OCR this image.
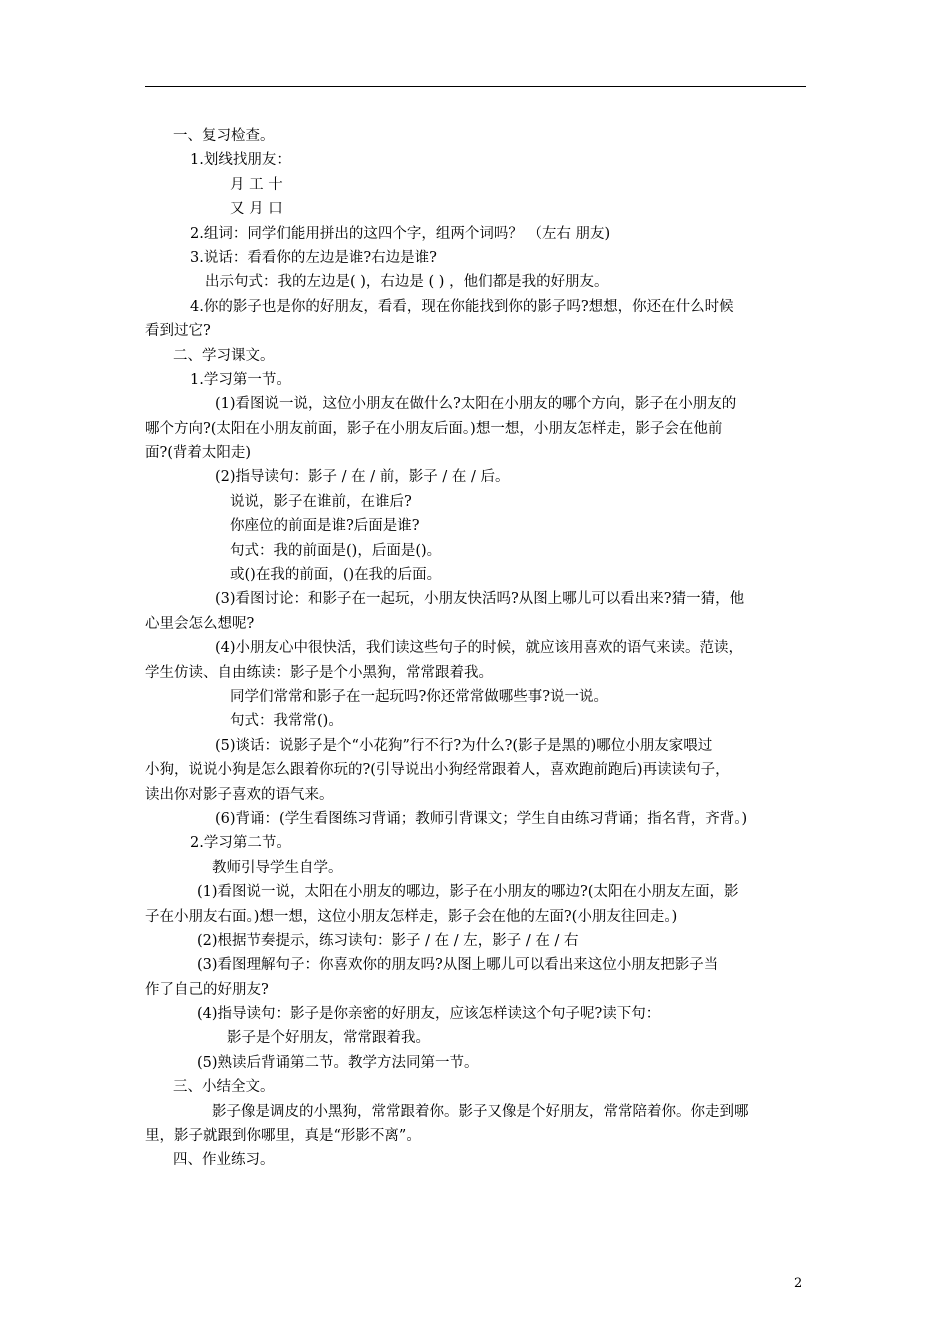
一、复习检查。
1.划线找朋友：
月 工 十
又 月 口
2.组词：同学们能用拼出的这四个字，组两个词吗？ （左右 朋友)
3.说话：看看你的左边是谁?右边是谁?
出示句式：我的左边是( )，右边是 ( ) ，他们都是我的好朋友。
4.你的影子也是你的好朋友，看看，现在你能找到你的影子吗?想想，你还在什么时候
看到过它?
二、学习课文。
1.学习第一节。
(1)看图说一说，这位小朋友在做什么?太阳在小朋友的哪个方向，影子在小朋友的
哪个方向?(太阳在小朋友前面，影子在小朋友后面。)想一想，小朋友怎样走，影子会在他前
面?(背着太阳走)
(2)指导读句：影子 / 在 / 前，影子 / 在 / 后。
说说，影子在谁前，在谁后?
你座位的前面是谁?后面是谁?
句式：我的前面是()，后面是()。
或()在我的前面，()在我的后面。
(3)看图讨论：和影子在一起玩，小朋友快活吗?从图上哪儿可以看出来?猜一猜，他
心里会怎么想呢?
(4)小朋友心中很快活，我们读这些句子的时候，就应该用喜欢的语气来读。范读，
学生仿读、自由练读：影子是个小黑狗，常常跟着我。
同学们常常和影子在一起玩吗?你还常常做哪些事?说一说。
句式：我常常()。
(5)谈话：说影子是个“小花狗”行不行?为什么?(影子是黑的)哪位小朋友家喂过
小狗，说说小狗是怎么跟着你玩的?(引导说出小狗经常跟着人，喜欢跑前跑后)再读读句子，
读出你对影子喜欢的语气来。
(6)背诵：(学生看图练习背诵；教师引背课文；学生自由练习背诵；指名背，齐背。)
2.学习第二节。
教师引导学生自学。
(1)看图说一说，太阳在小朋友的哪边，影子在小朋友的哪边?(太阳在小朋友左面，影
子在小朋友右面。)想一想，这位小朋友怎样走，影子会在他的左面?(小朋友往回走。)
(2)根据节奏提示，练习读句：影子 / 在 / 左，影子 / 在 / 右
(3)看图理解句子：你喜欢你的朋友吗?从图上哪儿可以看出来这位小朋友把影子当
作了自己的好朋友?
(4)指导读句：影子是你亲密的好朋友，应该怎样读这个句子呢?读下句：
影子是个好朋友，常常跟着我。
(5)熟读后背诵第二节。教学方法同第一节。
三、小结全文。
影子像是调皮的小黑狗，常常跟着你。影子又像是个好朋友，常常陪着你。你走到哪
里，影子就跟到你哪里，真是“形影不离”。
四、作业练习。
2
